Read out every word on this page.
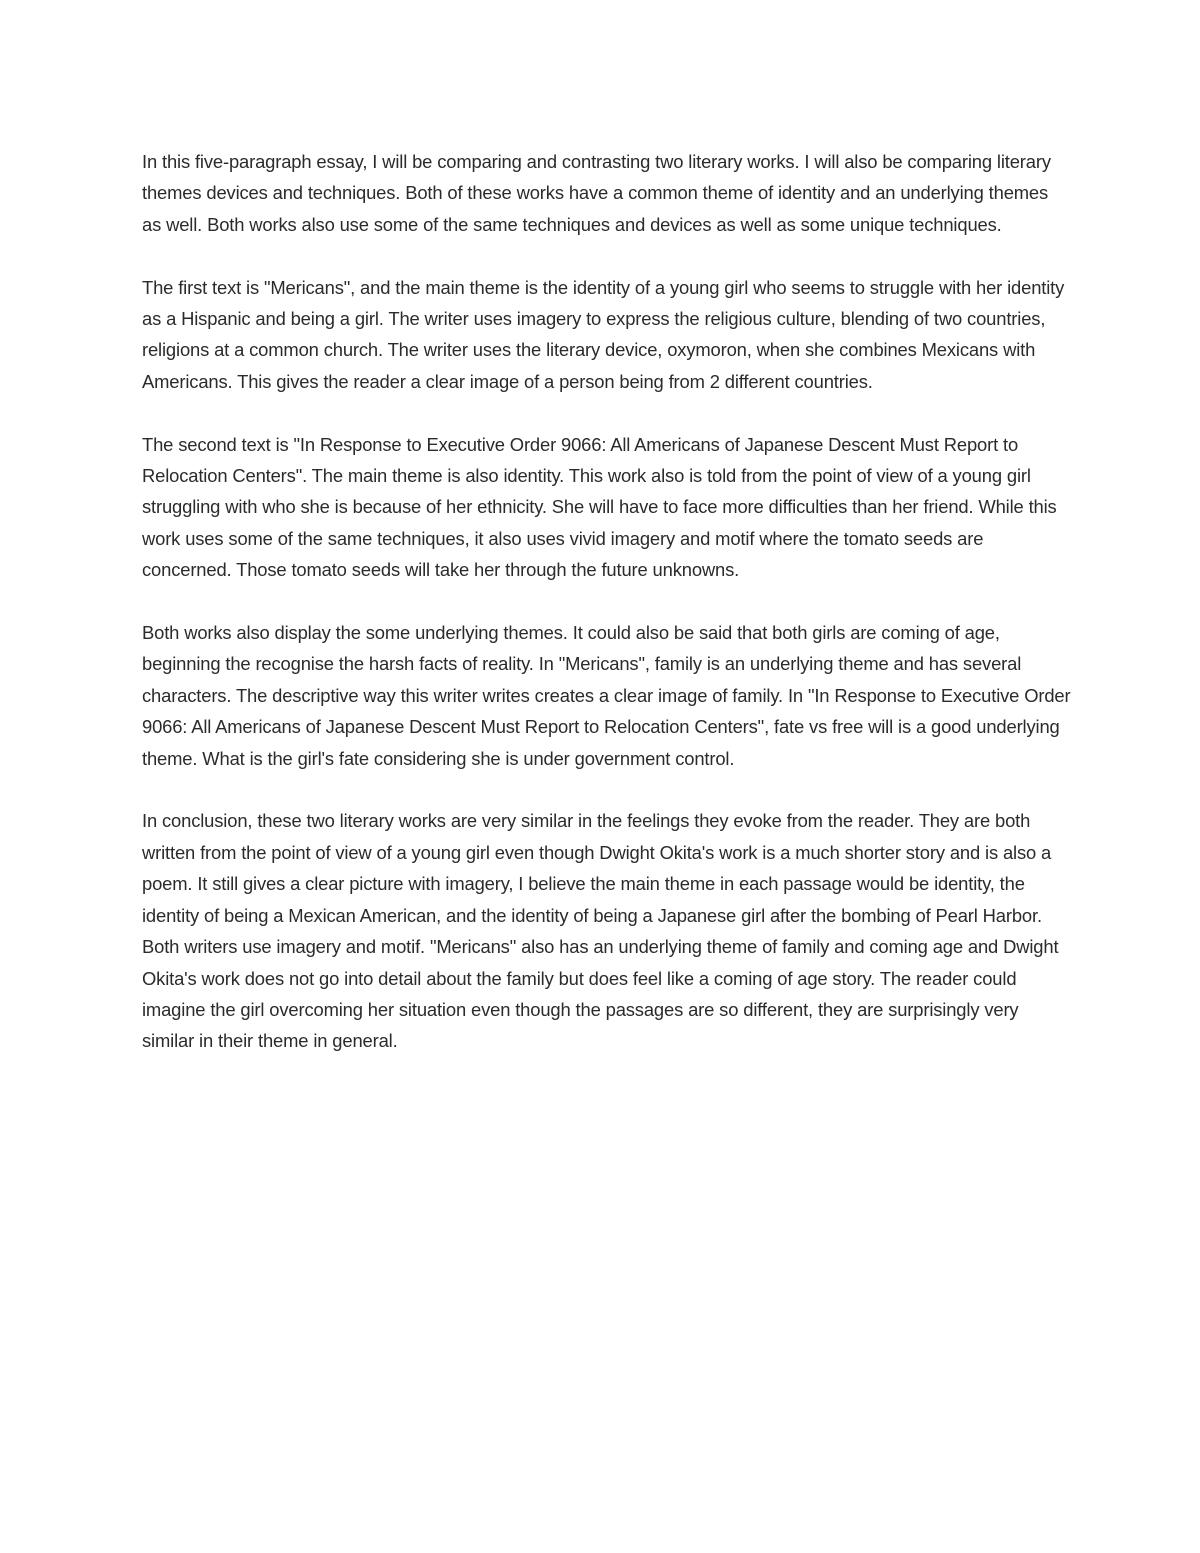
In this five-paragraph essay, I will be comparing and contrasting two literary works. I will also be comparing literary themes devices and techniques. Both of these works have a common theme of identity and an underlying themes as well. Both works also use some of the same techniques and devices as well as some unique techniques.

The first text is "Mericans", and the main theme is the identity of a young girl who seems to struggle with her identity as a Hispanic and being a girl. The writer uses imagery to express the religious culture, blending of two countries, religions at a common church. The writer uses the literary device, oxymoron, when she combines Mexicans with Americans. This gives the reader a clear image of a person being from 2 different countries.

The second text is "In Response to Executive Order 9066: All Americans of Japanese Descent Must Report to Relocation Centers". The main theme is also identity. This work also is told from the point of view of a young girl struggling with who she is because of her ethnicity. She will have to face more difficulties than her friend. While this work uses some of the same techniques, it also uses vivid imagery and motif where the tomato seeds are concerned. Those tomato seeds will take her through the future unknowns.

Both works also display the some underlying themes. It could also be said that both girls are coming of age, beginning the recognise the harsh facts of reality. In "Mericans", family is an underlying theme and has several characters. The descriptive way this writer writes creates a clear image of family. In "In Response to Executive Order 9066: All Americans of Japanese Descent Must Report to Relocation Centers", fate vs free will is a good underlying theme. What is the girl's fate considering she is under government control.

In conclusion, these two literary works are very similar in the feelings they evoke from the reader. They are both written from the point of view of a young girl even though Dwight Okita's work is a much shorter story and is also a poem. It still gives a clear picture with imagery, I believe the main theme in each passage would be identity, the identity of being a Mexican American, and the identity of being a Japanese girl after the bombing of Pearl Harbor. Both writers use imagery and motif. "Mericans" also has an underlying theme of family and coming age and Dwight Okita's work does not go into detail about the family but does feel like a coming of age story. The reader could imagine the girl overcoming her situation even though the passages are so different, they are surprisingly very similar in their theme in general.
